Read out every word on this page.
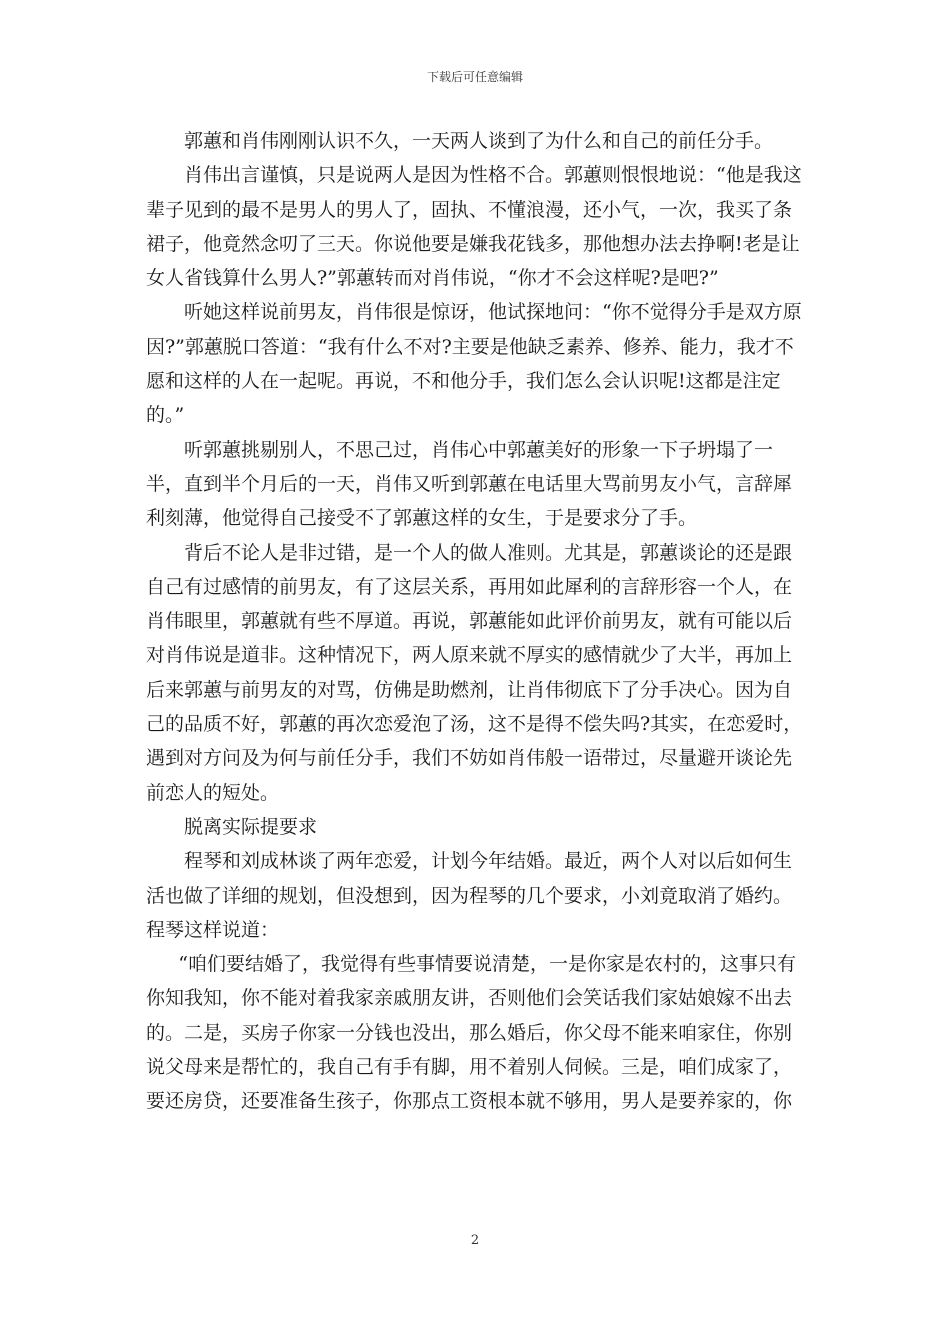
下载后可任意编辑

郭蕙和肖伟刚刚认识不久，一天两人谈到了为什么和自己的前任分手。

肖伟出言谨慎，只是说两人是因为性格不合。郭蕙则恨恨地说：“他是我这辈子见到的最不是男人的男人了，固执、不懂浪漫，还小气，一次，我买了条裙子，他竟然念叨了三天。你说他要是嫌我花钱多，那他想办法去挣啊!老是让女人省钱算什么男人?”郭蕙转而对肖伟说，“你才不会这样呢?是吧?”

听她这样说前男友，肖伟很是惊讶，他试探地问：“你不觉得分手是双方原因?”郭蕙脱口答道：“我有什么不对?主要是他缺乏素养、修养、能力，我才不愿和这样的人在一起呢。再说，不和他分手，我们怎么会认识呢!这都是注定的。”

听郭蕙挑剔别人，不思己过，肖伟心中郭蕙美好的形象一下子坍塌了一半，直到半个月后的一天，肖伟又听到郭蕙在电话里大骂前男友小气，言辞犀利刻薄，他觉得自己接受不了郭蕙这样的女生，于是要求分了手。

背后不论人是非过错，是一个人的做人准则。尤其是，郭蕙谈论的还是跟自己有过感情的前男友，有了这层关系，再用如此犀利的言辞形容一个人，在肖伟眼里，郭蕙就有些不厚道。再说，郭蕙能如此评价前男友，就有可能以后对肖伟说是道非。这种情况下，两人原来就不厚实的感情就少了大半，再加上后来郭蕙与前男友的对骂，仿佛是助燃剂，让肖伟彻底下了分手决心。因为自己的品质不好，郭蕙的再次恋爱泡了汤，这不是得不偿失吗?其实，在恋爱时，遇到对方问及为何与前任分手，我们不妨如肖伟般一语带过，尽量避开谈论先前恋人的短处。

脱离实际提要求

程琴和刘成林谈了两年恋爱，计划今年结婚。最近，两个人对以后如何生活也做了详细的规划，但没想到，因为程琴的几个要求，小刘竟取消了婚约。程琴这样说道：

“咱们要结婚了，我觉得有些事情要说清楚，一是你家是农村的，这事只有你知我知，你不能对着我家亲戚朋友讲，否则他们会笑话我们家姑娘嫁不出去的。二是，买房子你家一分钱也没出，那么婚后，你父母不能来咱家住，你别说父母来是帮忙的，我自己有手有脚，用不着别人伺候。三是，咱们成家了，要还房贷，还要准备生孩子，你那点工资根本就不够用，男人是要养家的，你

2
